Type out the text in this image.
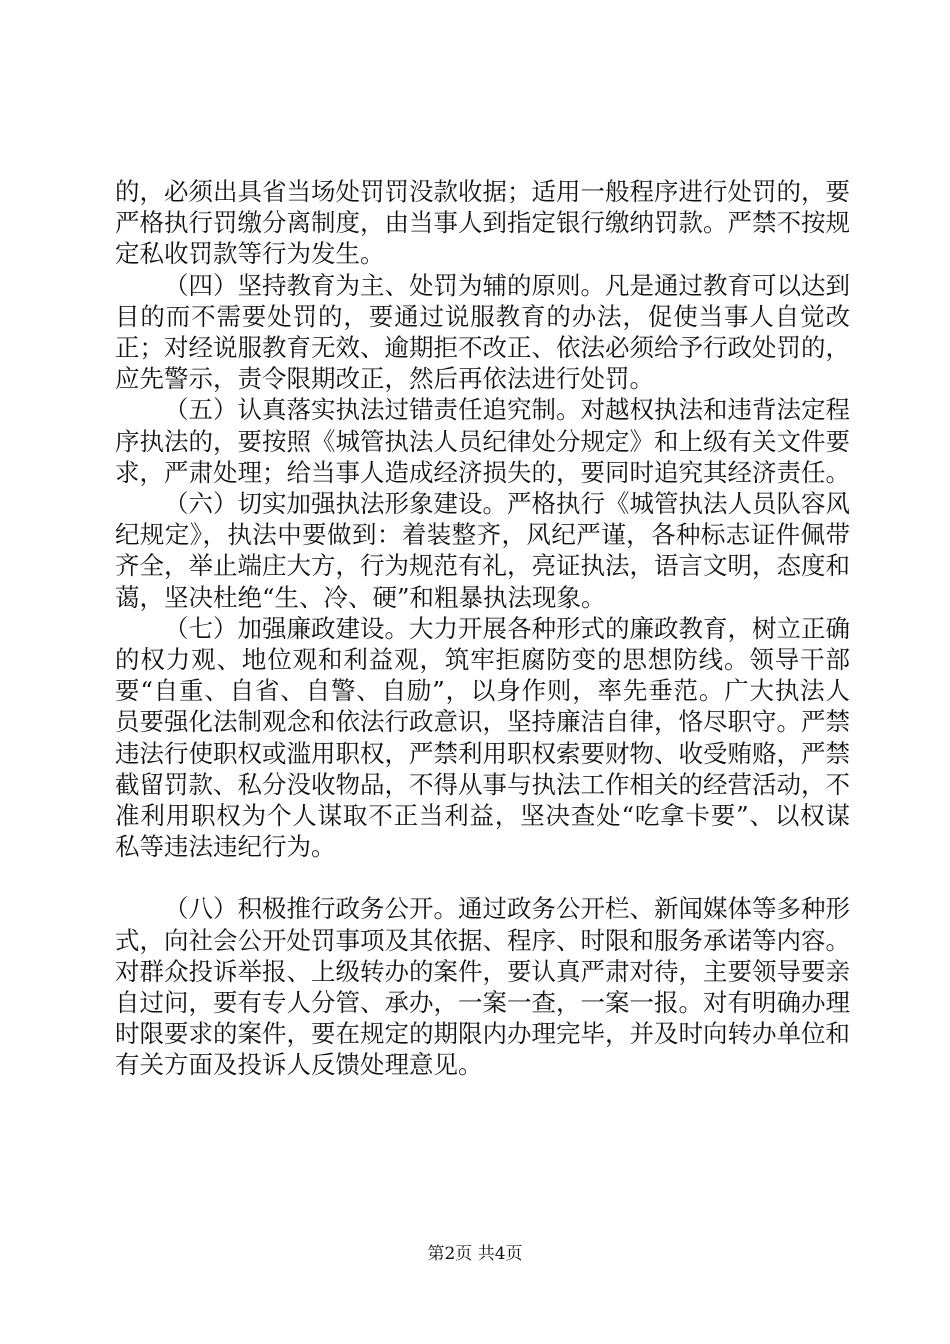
的，必须出具省当场处罚罚没款收据；适用一般程序进行处罚的，要严格执行罚缴分离制度，由当事人到指定银行缴纳罚款。严禁不按规定私收罚款等行为发生。

（四）坚持教育为主、处罚为辅的原则。凡是通过教育可以达到目的而不需要处罚的，要通过说服教育的办法，促使当事人自觉改正；对经说服教育无效、逾期拒不改正、依法必须给予行政处罚的，应先警示，责令限期改正，然后再依法进行处罚。

（五）认真落实执法过错责任追究制。对越权执法和违背法定程序执法的，要按照《城管执法人员纪律处分规定》和上级有关文件要求，严肃处理；给当事人造成经济损失的，要同时追究其经济责任。

（六）切实加强执法形象建设。严格执行《城管执法人员队容风纪规定》，执法中要做到：着装整齐，风纪严谨，各种标志证件佩带齐全，举止端庄大方，行为规范有礼，亮证执法，语言文明，态度和蔼，坚决杜绝“生、冷、硬”和粗暴执法现象。

（七）加强廉政建设。大力开展各种形式的廉政教育，树立正确的权力观、地位观和利益观，筑牢拒腐防变的思想防线。领导干部要“自重、自省、自警、自励”，以身作则，率先垂范。广大执法人员要强化法制观念和依法行政意识，坚持廉洁自律，恪尽职守。严禁违法行使职权或滥用职权，严禁利用职权索要财物、收受贿赂，严禁截留罚款、私分没收物品，不得从事与执法工作相关的经营活动，不准利用职权为个人谋取不正当利益，坚决查处“吃拿卡要”、以权谋私等违法违纪行为。

（八）积极推行政务公开。通过政务公开栏、新闻媒体等多种形式，向社会公开处罚事项及其依据、程序、时限和服务承诺等内容。对群众投诉举报、上级转办的案件，要认真严肃对待，主要领导要亲自过问，要有专人分管、承办，一案一查，一案一报。对有明确办理时限要求的案件，要在规定的期限内办理完毕，并及时向转办单位和有关方面及投诉人反馈处理意见。

第2页 共4页
